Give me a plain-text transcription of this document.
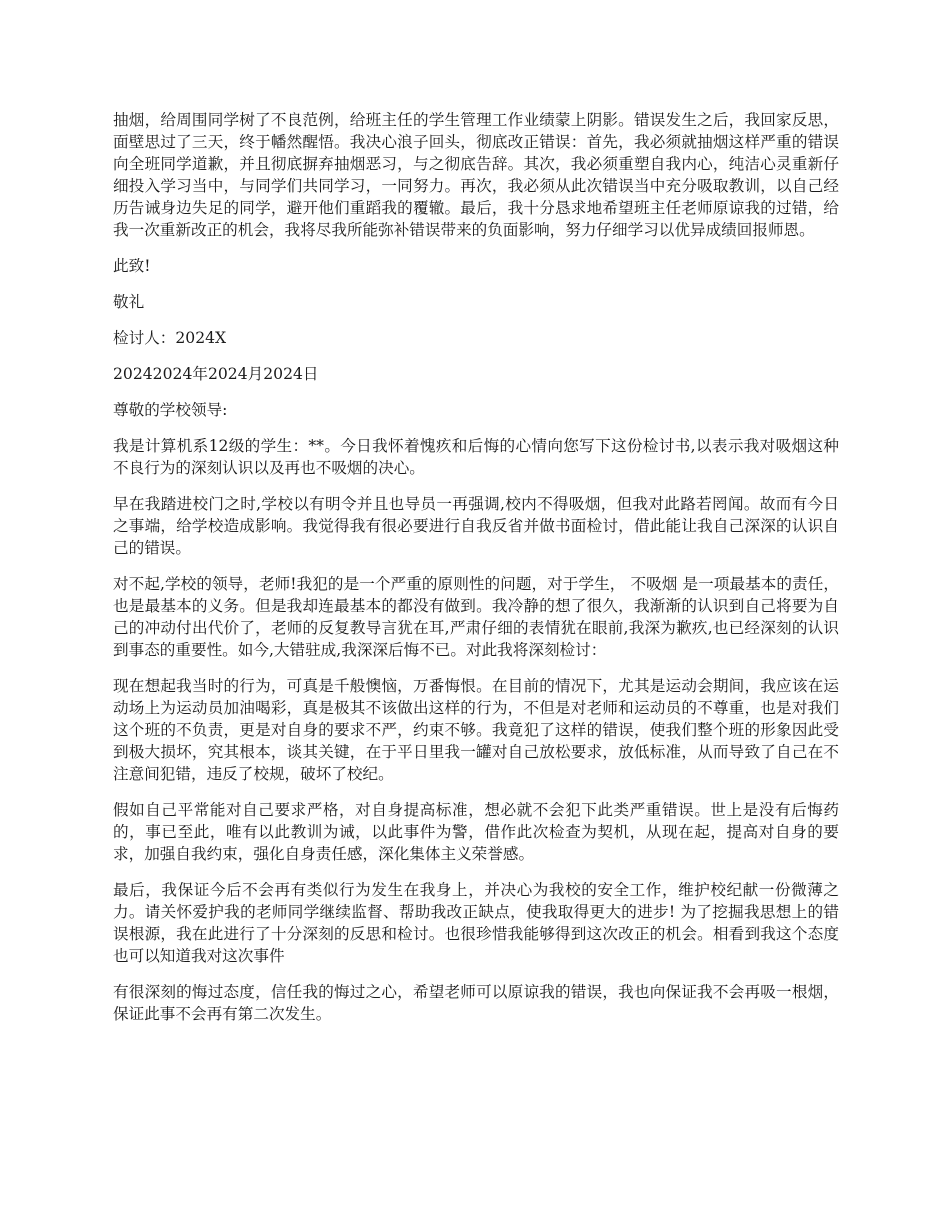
抽烟，给周围同学树了不良范例，给班主任的学生管理工作业绩蒙上阴影。错误发生之后，我回家反思，面壁思过了三天，终于幡然醒悟。我决心浪子回头，彻底改正错误：首先，我必须就抽烟这样严重的错误向全班同学道歉，并且彻底摒弃抽烟恶习，与之彻底告辞。其次，我必须重塑自我内心，纯洁心灵重新仔细投入学习当中，与同学们共同学习，一同努力。再次，我必须从此次错误当中充分吸取教训，以自己经历告诫身边失足的同学，避开他们重蹈我的覆辙。最后，我十分恳求地希望班主任老师原谅我的过错，给我一次重新改正的机会，我将尽我所能弥补错误带来的负面影响，努力仔细学习以优异成绩回报师恩。

此致!

敬礼

检讨人：2024X

20242024年2024月2024日

尊敬的学校领导:

我是计算机系12级的学生：**。今日我怀着愧疚和后悔的心情向您写下这份检讨书,以表示我对吸烟这种不良行为的深刻认识以及再也不吸烟的决心。

早在我踏进校门之时,学校以有明令并且也导员一再强调,校内不得吸烟，但我对此路若罔闻。故而有今日之事端，给学校造成影响。我觉得我有很必要进行自我反省并做书面检讨，借此能让我自己深深的认识自己的错误。

对不起,学校的领导，老师!我犯的是一个严重的原则性的问题，对于学生， 不吸烟 是一项最基本的责任，也是最基本的义务。但是我却连最基本的都没有做到。我冷静的想了很久，我渐渐的认识到自己将要为自己的冲动付出代价了，老师的反复教导言犹在耳,严肃仔细的表情犹在眼前,我深为歉疚,也已经深刻的认识到事态的重要性。如今,大错驻成,我深深后悔不已。对此我将深刻检讨：

现在想起我当时的行为，可真是千般懊恼，万番悔恨。在目前的情况下，尤其是运动会期间，我应该在运动场上为运动员加油喝彩，真是极其不该做出这样的行为，不但是对老师和运动员的不尊重，也是对我们这个班的不负责，更是对自身的要求不严，约束不够。我竟犯了这样的错误，使我们整个班的形象因此受到极大损坏，究其根本，谈其关键，在于平日里我一罐对自己放松要求，放低标准，从而导致了自己在不注意间犯错，违反了校规，破坏了校纪。

假如自己平常能对自己要求严格，对自身提高标准，想必就不会犯下此类严重错误。世上是没有后悔药的，事已至此，唯有以此教训为诫，以此事件为警，借作此次检查为契机，从现在起，提高对自身的要求，加强自我约束，强化自身责任感，深化集体主义荣誉感。

最后，我保证今后不会再有类似行为发生在我身上，并决心为我校的安全工作，维护校纪献一份微薄之力。请关怀爱护我的老师同学继续监督、帮助我改正缺点，使我取得更大的进步! 为了挖掘我思想上的错误根源，我在此进行了十分深刻的反思和检讨。也很珍惜我能够得到这次改正的机会。相看到我这个态度也可以知道我对这次事件

有很深刻的悔过态度，信任我的悔过之心，希望老师可以原谅我的错误，我也向保证我不会再吸一根烟，保证此事不会再有第二次发生。
